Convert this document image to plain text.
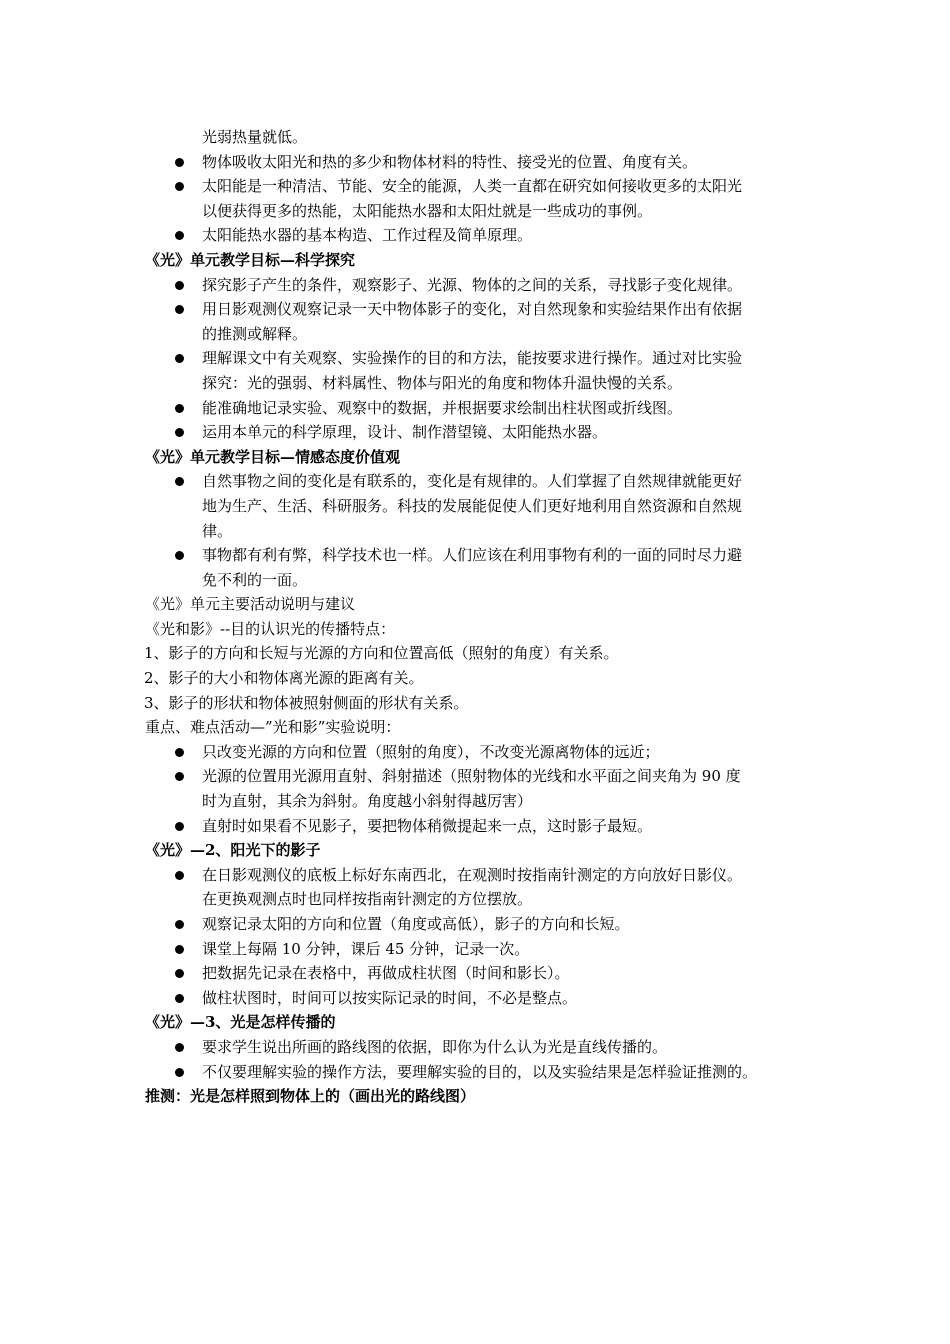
光弱热量就低。
物体吸收太阳光和热的多少和物体材料的特性、接受光的位置、角度有关。
太阳能是一种清洁、节能、安全的能源，人类一直都在研究如何接收更多的太阳光
以便获得更多的热能，太阳能热水器和太阳灶就是一些成功的事例。
太阳能热水器的基本构造、工作过程及简单原理。
《光》单元教学目标—科学探究
探究影子产生的条件，观察影子、光源、物体的之间的关系，寻找影子变化规律。
用日影观测仪观察记录一天中物体影子的变化，对自然现象和实验结果作出有依据
的推测或解释。
理解课文中有关观察、实验操作的目的和方法，能按要求进行操作。通过对比实验
探究：光的强弱、材料属性、物体与阳光的角度和物体升温快慢的关系。
能准确地记录实验、观察中的数据，并根据要求绘制出柱状图或折线图。
运用本单元的科学原理，设计、制作潜望镜、太阳能热水器。
《光》单元教学目标—情感态度价值观
自然事物之间的变化是有联系的，变化是有规律的。人们掌握了自然规律就能更好
地为生产、生活、科研服务。科技的发展能促使人们更好地利用自然资源和自然规
律。
事物都有利有弊，科学技术也一样。人们应该在利用事物有利的一面的同时尽力避
免不利的一面。
《光》单元主要活动说明与建议
《光和影》--目的认识光的传播特点：
1、影子的方向和长短与光源的方向和位置高低（照射的角度）有关系。
2、影子的大小和物体离光源的距离有关。
3、影子的形状和物体被照射侧面的形状有关系。
重点、难点活动—”光和影”实验说明：
只改变光源的方向和位置（照射的角度），不改变光源离物体的远近；
光源的位置用光源用直射、斜射描述（照射物体的光线和水平面之间夹角为 90 度
时为直射，其余为斜射。角度越小斜射得越厉害）
直射时如果看不见影子，要把物体稍微提起来一点，这时影子最短。
《光》—2、阳光下的影子
在日影观测仪的底板上标好东南西北，在观测时按指南针测定的方向放好日影仪。
在更换观测点时也同样按指南针测定的方位摆放。
观察记录太阳的方向和位置（角度或高低），影子的方向和长短。
课堂上每隔 10 分钟，课后 45 分钟，记录一次。
把数据先记录在表格中，再做成柱状图（时间和影长）。
做柱状图时，时间可以按实际记录的时间，不必是整点。
《光》—3、光是怎样传播的
要求学生说出所画的路线图的依据，即你为什么认为光是直线传播的。
不仅要理解实验的操作方法，要理解实验的目的，以及实验结果是怎样验证推测的。
推测：光是怎样照到物体上的（画出光的路线图）
